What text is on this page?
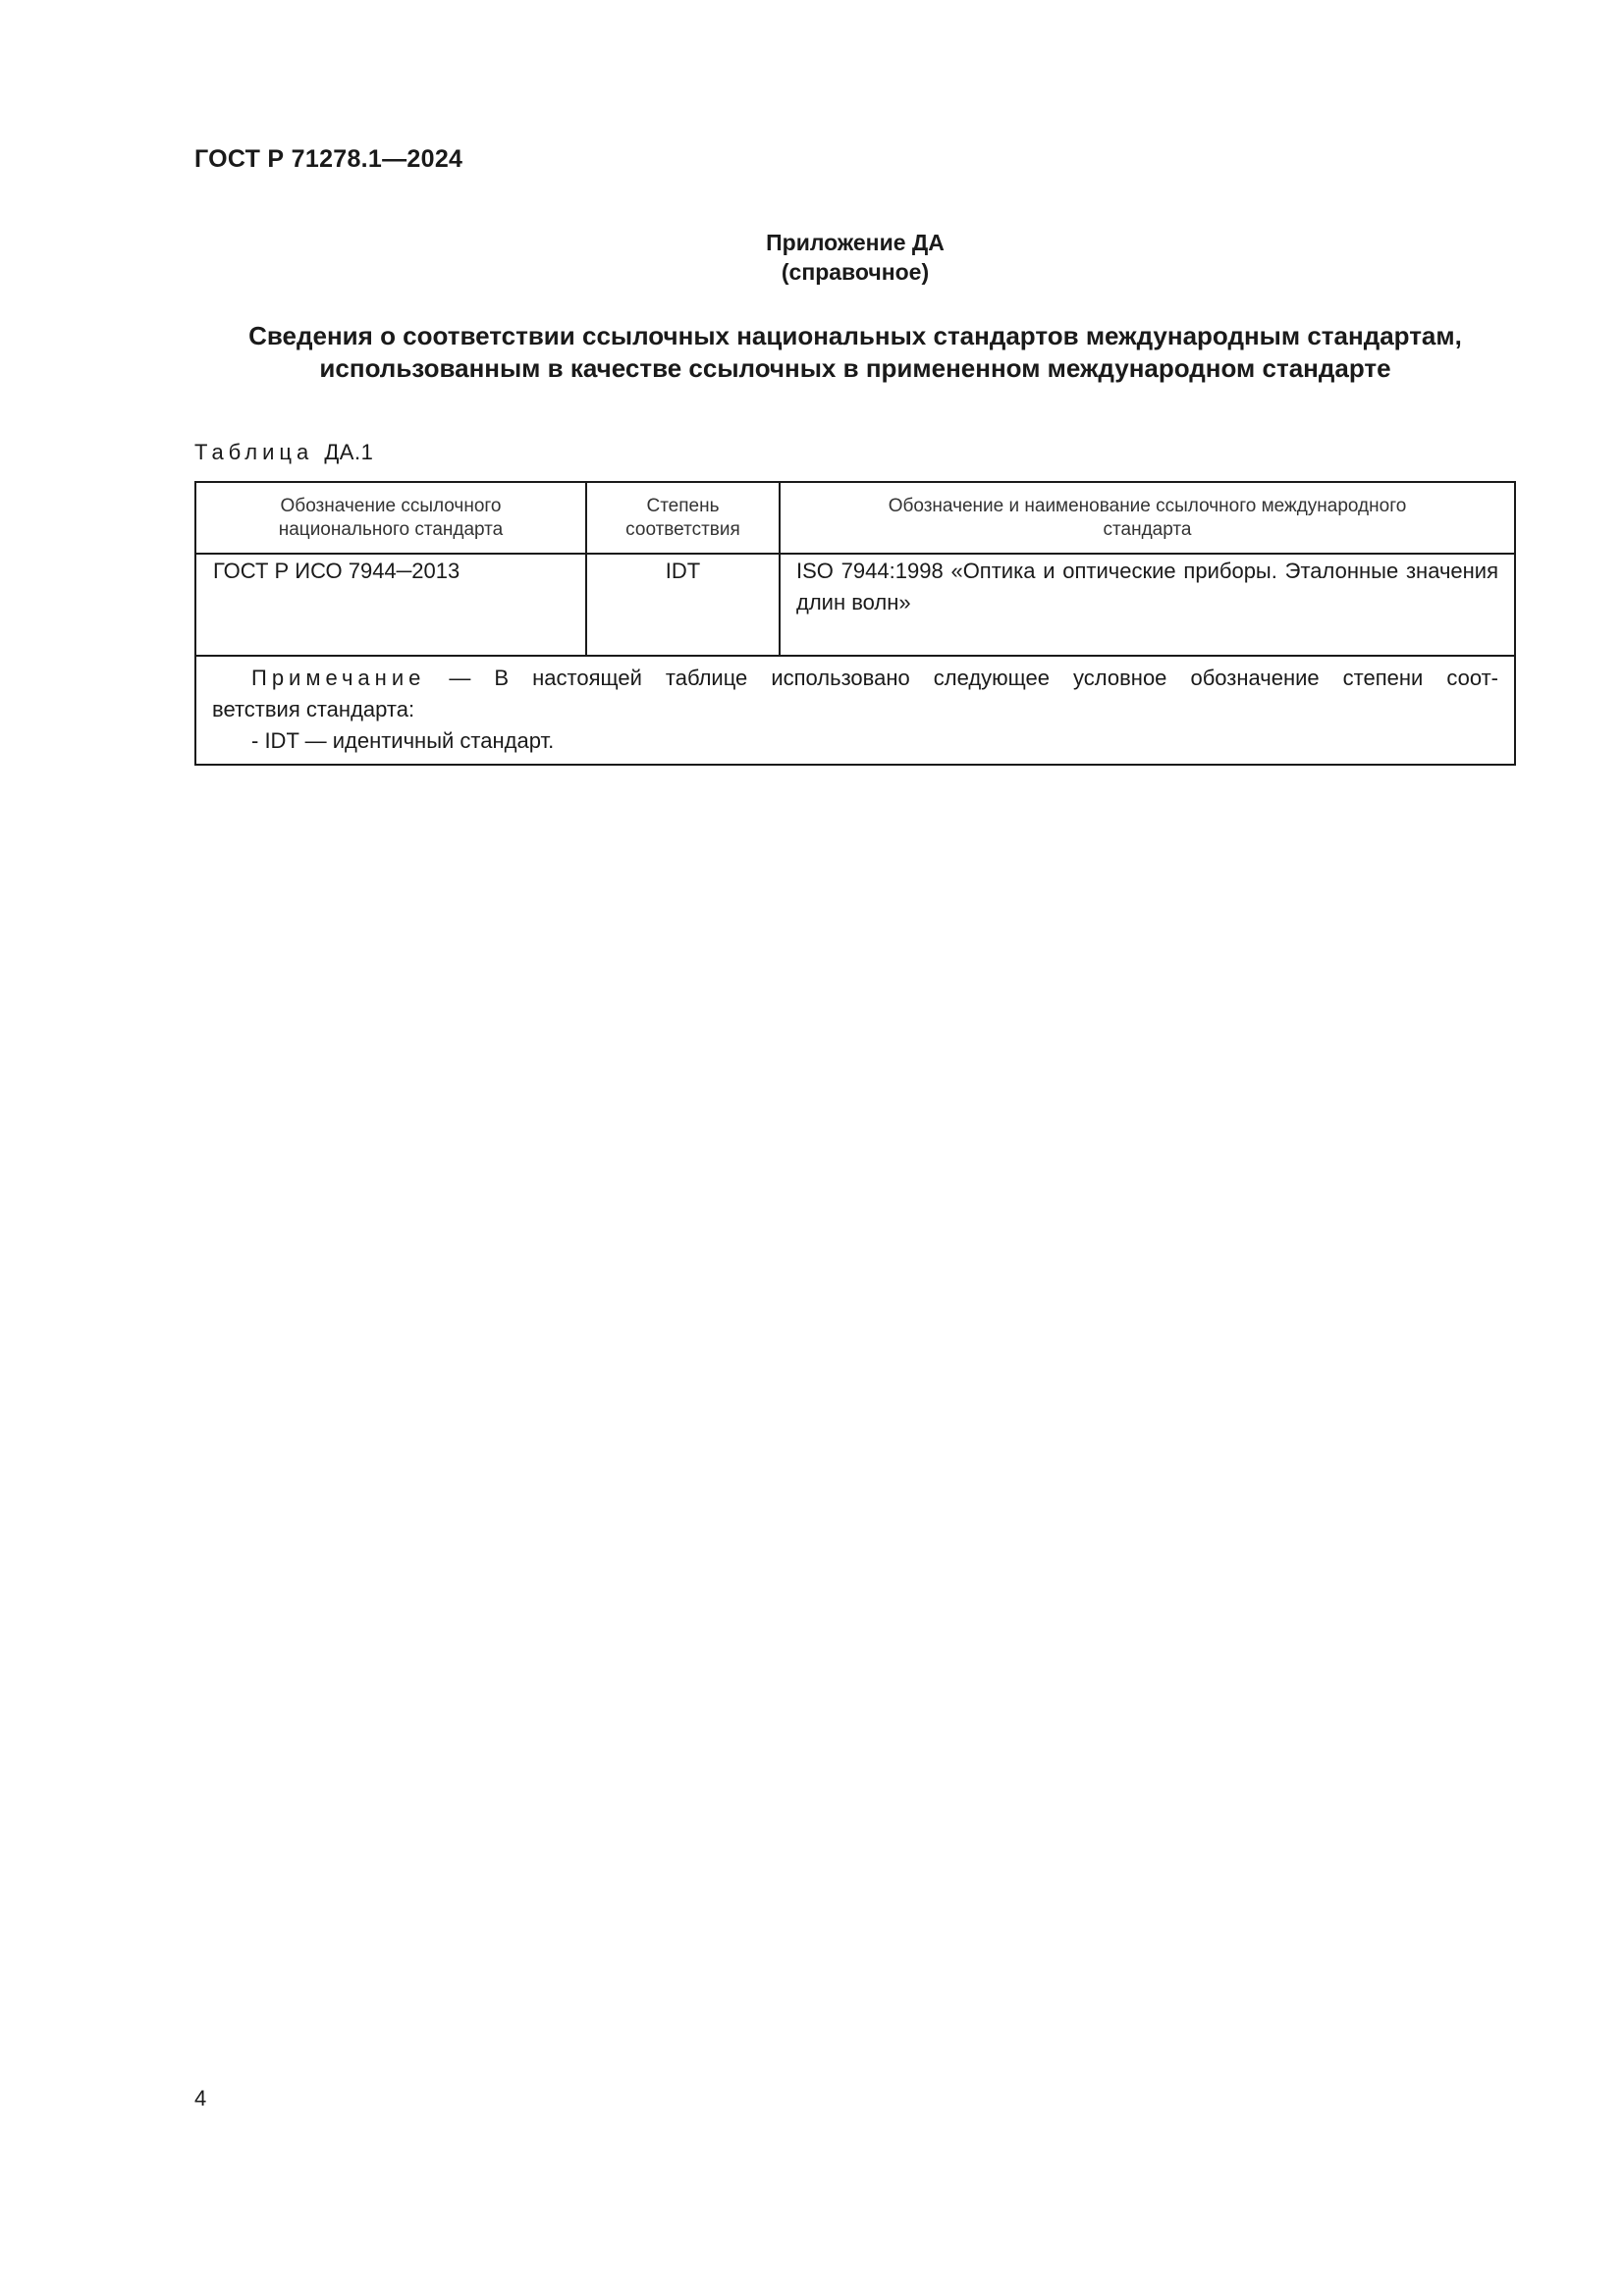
ГОСТ Р 71278.1—2024
Приложение ДА
(справочное)
Сведения о соответствии ссылочных национальных стандартов международным стандартам,
использованным в качестве ссылочных в примененном международном стандарте
Таблица ДА.1
Обозначение ссылочного
национального стандарта
Степень
соответствия
Обозначение и наименование ссылочного международного
стандарта
ГОСТ Р ИСО 7944─2013	IDT	ISO 7944:1998 «Оптика и оптические приборы. Эталонные значения длин волн»
Примечание — В настоящей таблице использовано следующее условное обозначение степени соот-
ветствия стандарта:
- IDT — идентичный стандарт.
4
